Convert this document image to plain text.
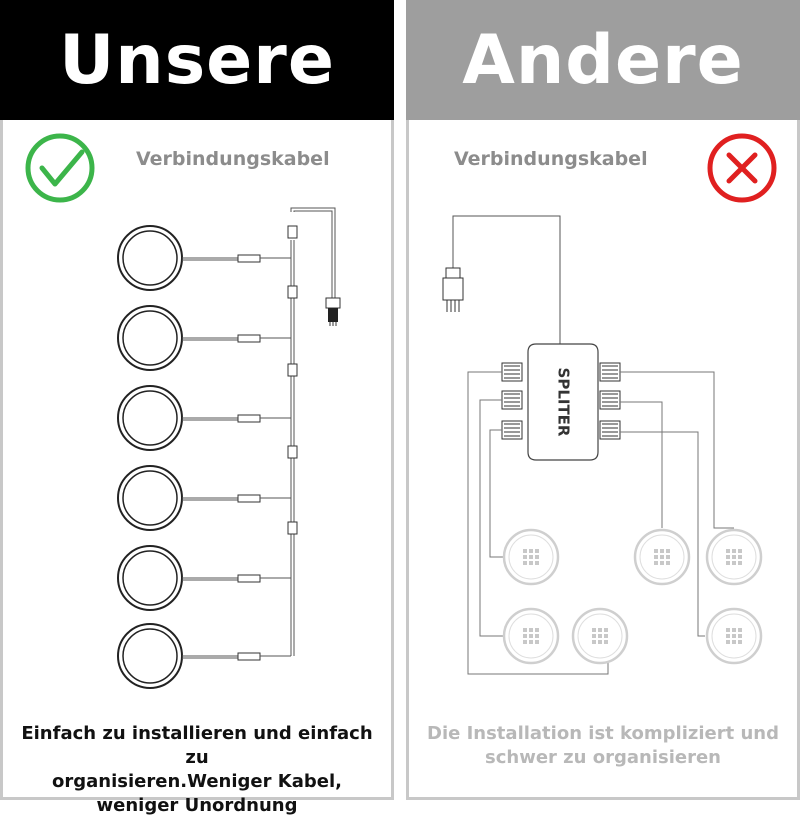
Unsere
Verbindungskabel
Einfach zu installieren und einfach zu
organisieren.Weniger Kabel,
weniger Unordnung
Andere
Verbindungskabel
Die Installation ist kompliziert und
schwer zu organisieren
SPLITER
